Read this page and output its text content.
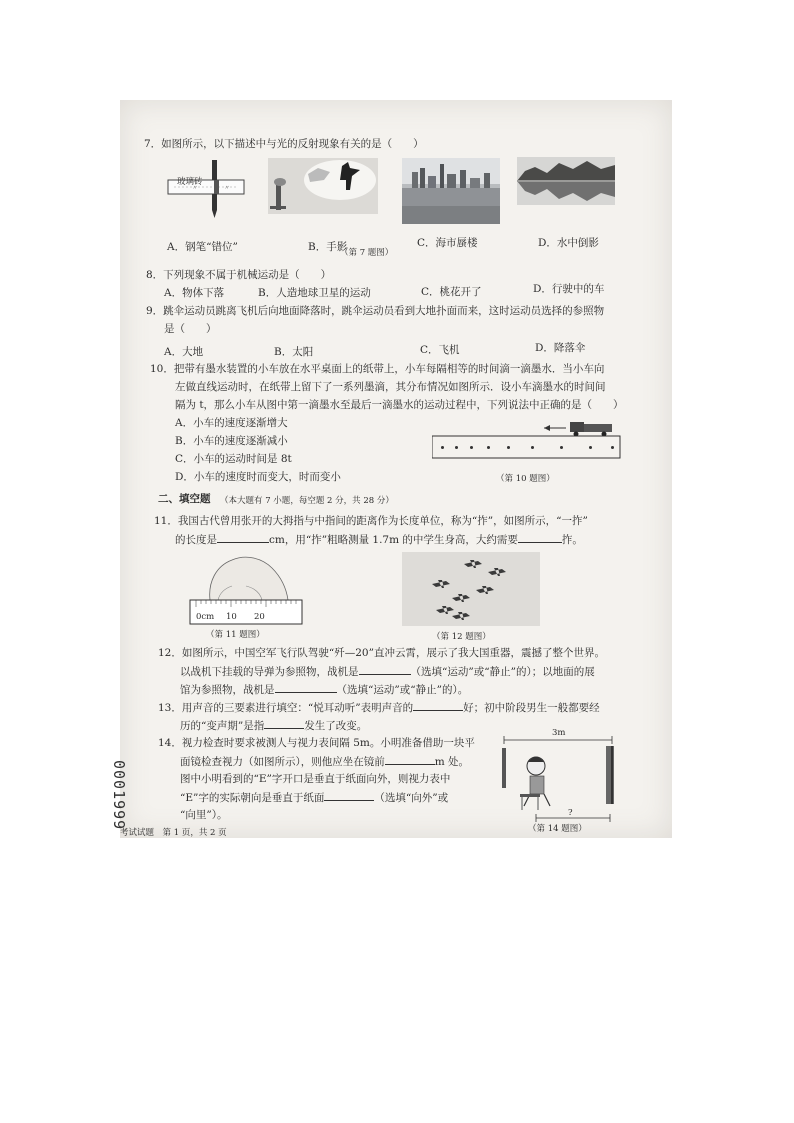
7．如图所示，以下描述中与光的反射现象有关的是（　　）
〃	〃
玻璃砖
A．钢笔“错位”	B．手影
（第 7 题图）
C．海市蜃楼	D．水中倒影
8．下列现象不属于机械运动是（　　）
A．物体下落	B．人造地球卫星的运动	C．桃花开了	D．行驶中的车
9．跳伞运动员跳离飞机后向地面降落时，跳伞运动员看到大地扑面而来，这时运动员选择的参照物
是（　　）
A．大地	B．太阳	C．飞机	D．降落伞
10．把带有墨水装置的小车放在水平桌面上的纸带上，小车每隔相等的时间滴一滴墨水．当小车向
左做直线运动时，在纸带上留下了一系列墨滴，其分布情况如图所示．设小车滴墨水的时间间
隔为 t，那么小车从图中第一滴墨水至最后一滴墨水的运动过程中，下列说法中正确的是（　　）
A．小车的速度逐渐增大
B．小车的速度逐渐减小
C．小车的运动时间是 8t
D．小车的速度时而变大，时而变小	（第 10 题图）
二、填空题 （本大题有 7 小题，每空题 2 分，共 28 分）
11．我国古代曾用张开的大拇指与中指间的距离作为长度单位，称为“拃”，如图所示，“一拃”
的长度是	cm，用“拃”粗略测量 1.7m 的中学生身高，大约需要	拃。
0cm 10 20
（第 11 题图）	（第 12 题图）
12．如图所示，中国空军飞行队驾驶“歼—20”直冲云霄，展示了我大国重器，震撼了整个世界。
以战机下挂载的导弹为参照物，战机是	（选填“运动”或“静止”的）；以地面的展
馆为参照物，战机是	（选填“运动”或“静止”的）。
13．用声音的三要素进行填空：“悦耳动听”表明声音的	好；初中阶段男生一般都要经
历的“变声期”是指	发生了改变。
14．视力检查时要求被测人与视力表间隔 5m。小明准备借助一块平
面镜检查视力（如图所示），则他应坐在镜前	m 处。
图中小明看到的“E”字开口是垂直于纸面向外，则视力表中
“E”字的实际朝向是垂直于纸面	（选填“向外”或
“向里”）。
3m
?
（第 14 题图）
考试试题　第 1 页，共 2 页
0001999
